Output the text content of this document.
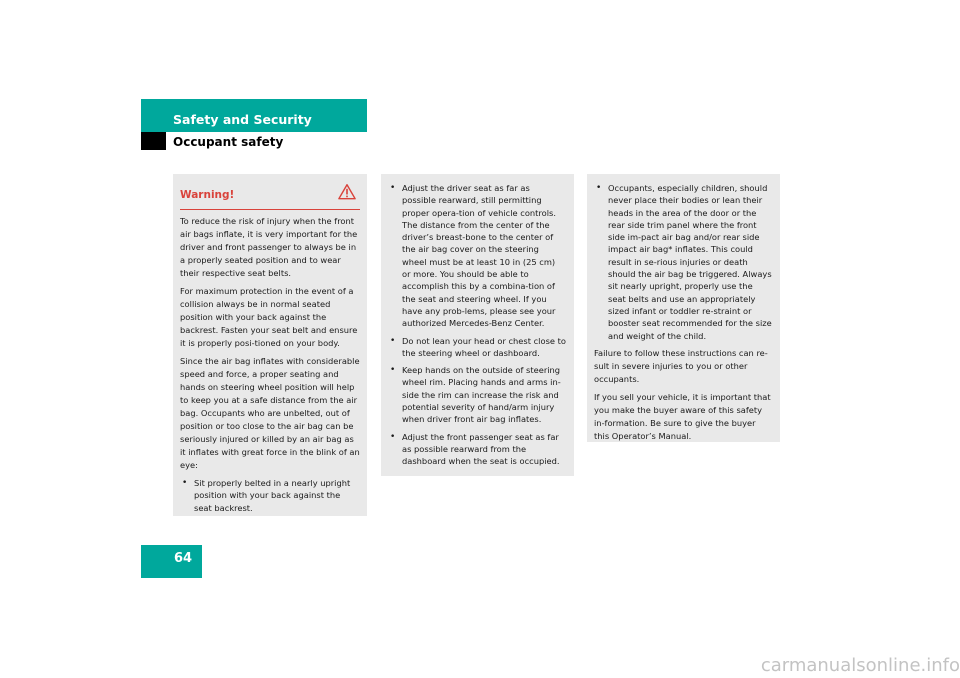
Safety and Security
Occupant safety
Warning!

To reduce the risk of injury when the front air bags inflate, it is very important for the driver and front passenger to always be in a properly seated position and to wear their respective seat belts.

For maximum protection in the event of a collision always be in normal seated position with your back against the backrest. Fasten your seat belt and ensure it is properly posi-tioned on your body.

Since the air bag inflates with considerable speed and force, a proper seating and hands on steering wheel position will help to keep you at a safe distance from the air bag. Occupants who are unbelted, out of position or too close to the air bag can be seriously injured or killed by an air bag as it inflates with great force in the blink of an eye:

• Sit properly belted in a nearly upright position with your back against the seat backrest.
• Adjust the driver seat as far as possible rearward, still permitting proper opera-tion of vehicle controls. The distance from the center of the driver’s breast-bone to the center of the air bag cover on the steering wheel must be at least 10 in (25 cm) or more. You should be able to accomplish this by a combina-tion of the seat and steering wheel. If you have any prob-lems, please see your authorized Mercedes-Benz Center.
• Do not lean your head or chest close to the steering wheel or dashboard.
• Keep hands on the outside of steering wheel rim. Placing hands and arms in-side the rim can increase the risk and potential severity of hand/arm injury when driver front air bag inflates.
• Adjust the front passenger seat as far as possible rearward from the dashboard when the seat is occupied.
• Occupants, especially children, should never place their bodies or lean their heads in the area of the door or the rear side trim panel where the front side im-pact air bag and/or rear side impact air bag* inflates. This could result in se-rious injuries or death should the air bag be triggered. Always sit nearly upright, properly use the seat belts and use an appropriately sized infant or toddler re-straint or booster seat recommended for the size and weight of the child.

Failure to follow these instructions can re-sult in severe injuries to you or other occupants.

If you sell your vehicle, it is important that you make the buyer aware of this safety in-formation. Be sure to give the buyer this Operator’s Manual.

64
carmanualsonline.info
